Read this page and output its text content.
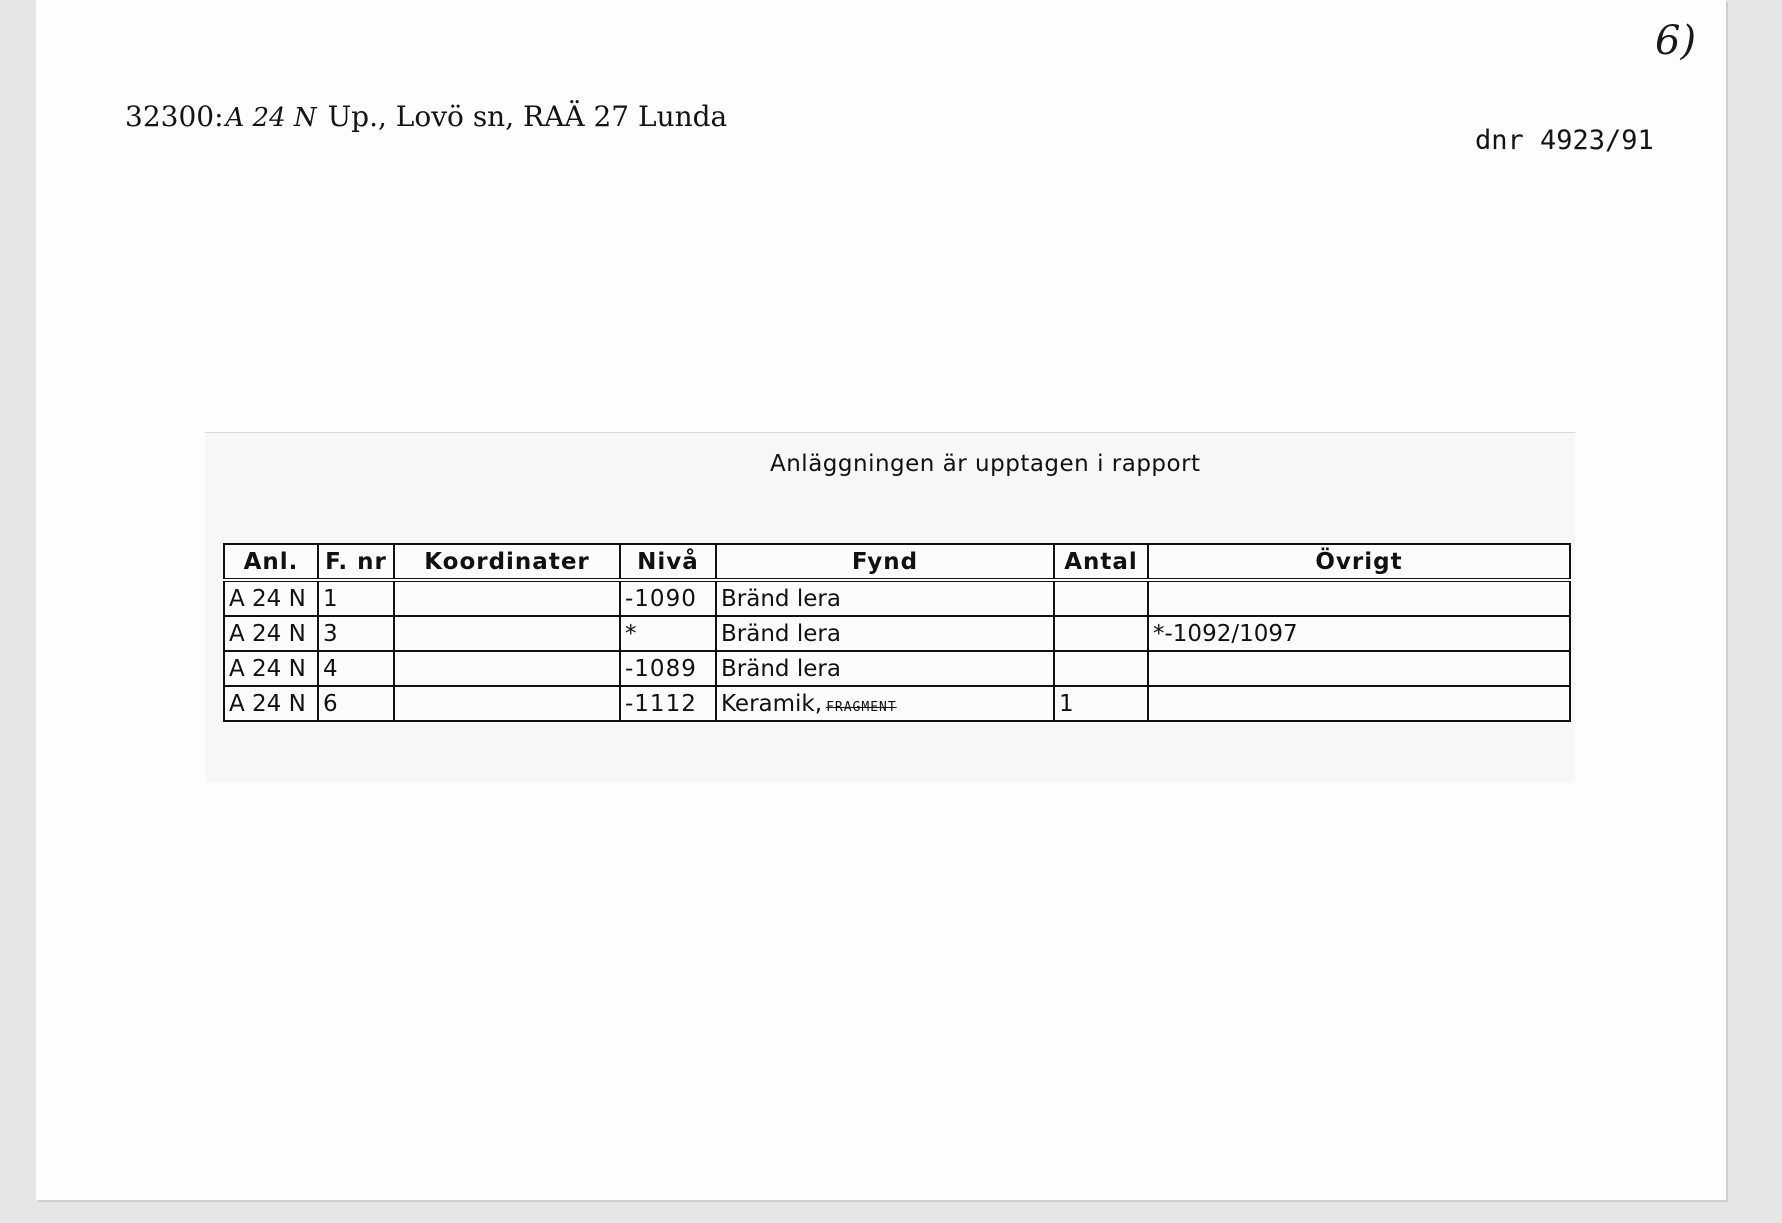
6)
32300:A 24 N Up., Lovö sn, RAÄ 27 Lunda
dnr 4923/91
Anläggningen är upptagen i rapport
Anl.	F. nr	Koordinater	Nivå	Fynd	Antal	Övrigt
A 24 N	1		-1090	Bränd lera		
A 24 N	3		*	Bränd lera		*-1092/1097
A 24 N	4		-1089	Bränd lera		
A 24 N	6		-1112	Keramik, FRAGMENT	1	
